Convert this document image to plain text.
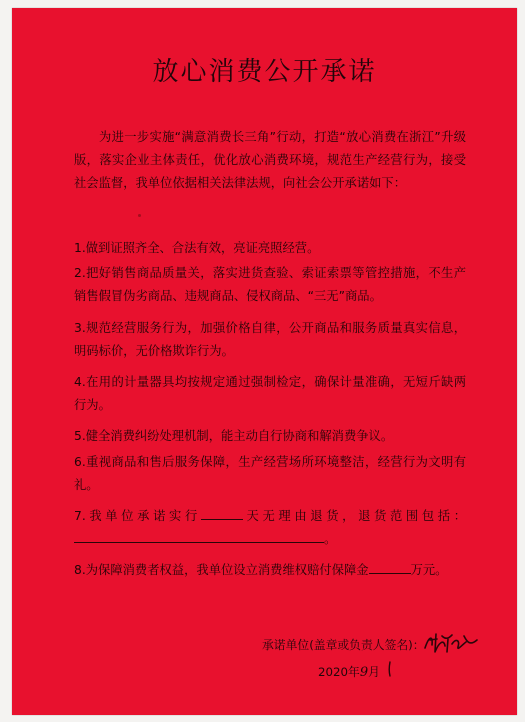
放心消费公开承诺

为进一步实施“满意消费长三角”行动，打造“放心消费在浙江”升级版，落实企业主体责任，优化放心消费环境，规范生产经营行为，接受社会监督，我单位依据相关法律法规，向社会公开承诺如下：

1.做到证照齐全、合法有效，亮证亮照经营。

2.把好销售商品质量关，落实进货查验、索证索票等管控措施，不生产销售假冒伪劣商品、违规商品、侵权商品、“三无”商品。

3.规范经营服务行为，加强价格自律，公开商品和服务质量真实信息，明码标价，无价格欺诈行为。

4.在用的计量器具均按规定通过强制检定，确保计量准确，无短斤缺两行为。

5.健全消费纠纷处理机制，能主动自行协商和解消费争议。

6.重视商品和售后服务保障，生产经营场所环境整洁，经营行为文明有礼。

7.我单位承诺实行	天无理由退货，退货范围包括：。

8.为保障消费者权益，我单位设立消费维权赔付保障金	万元。

承诺单位(盖章或负责人签名)：
2020年9月
